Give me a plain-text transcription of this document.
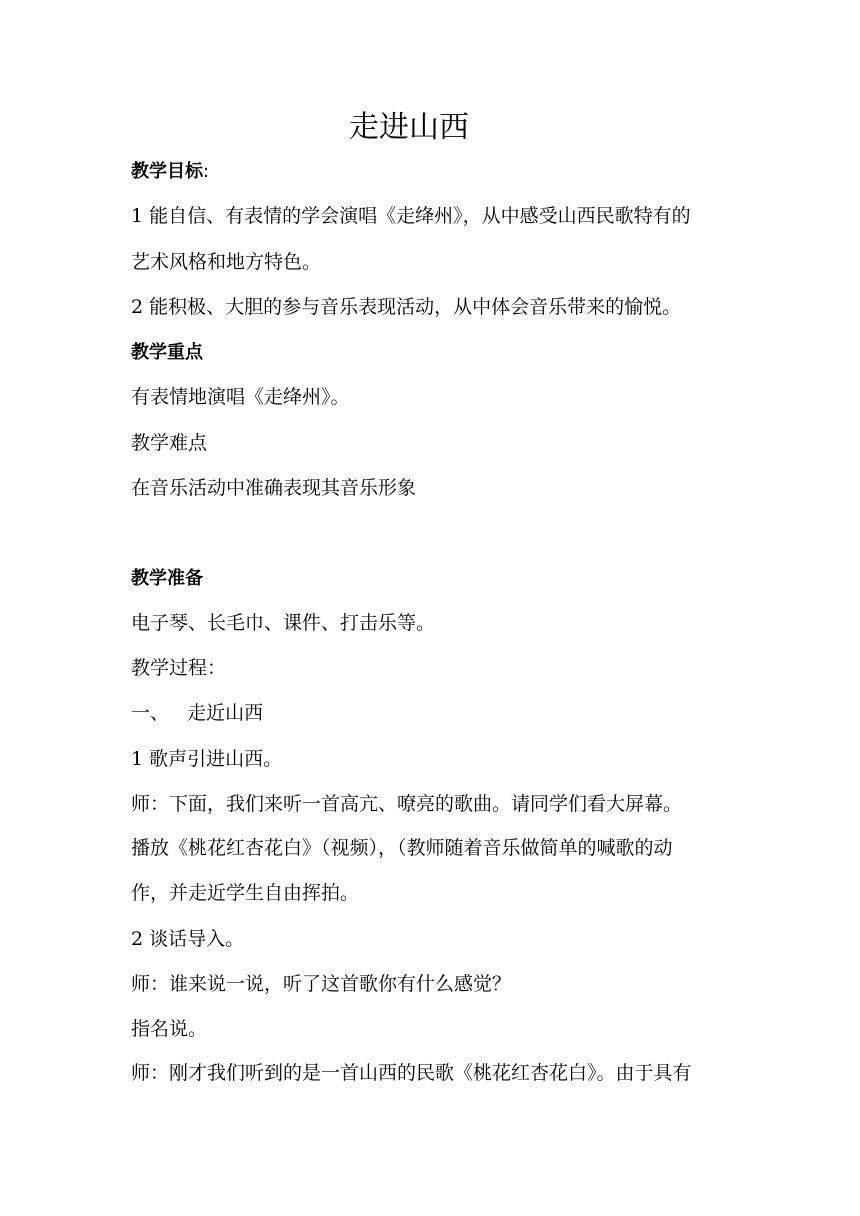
走进山西

教学目标:

1 能自信、有表情的学会演唱《走绛州》，从中感受山西民歌特有的

艺术风格和地方特色。

2 能积极、大胆的参与音乐表现活动，从中体会音乐带来的愉悦。

教学重点

有表情地演唱《走绛州》。

教学难点

在音乐活动中准确表现其音乐形象

教学准备

电子琴、长毛巾、课件、打击乐等。

教学过程：

一、   走近山西

1 歌声引进山西。

师：下面，我们来听一首高亢、嘹亮的歌曲。请同学们看大屏幕。

播放《桃花红杏花白》（视频），（教师随着音乐做简单的喊歌的动

作，并走近学生自由挥拍。

2 谈话导入。

师：谁来说一说，听了这首歌你有什么感觉？

指名说。

师：刚才我们听到的是一首山西的民歌《桃花红杏花白》。由于具有
